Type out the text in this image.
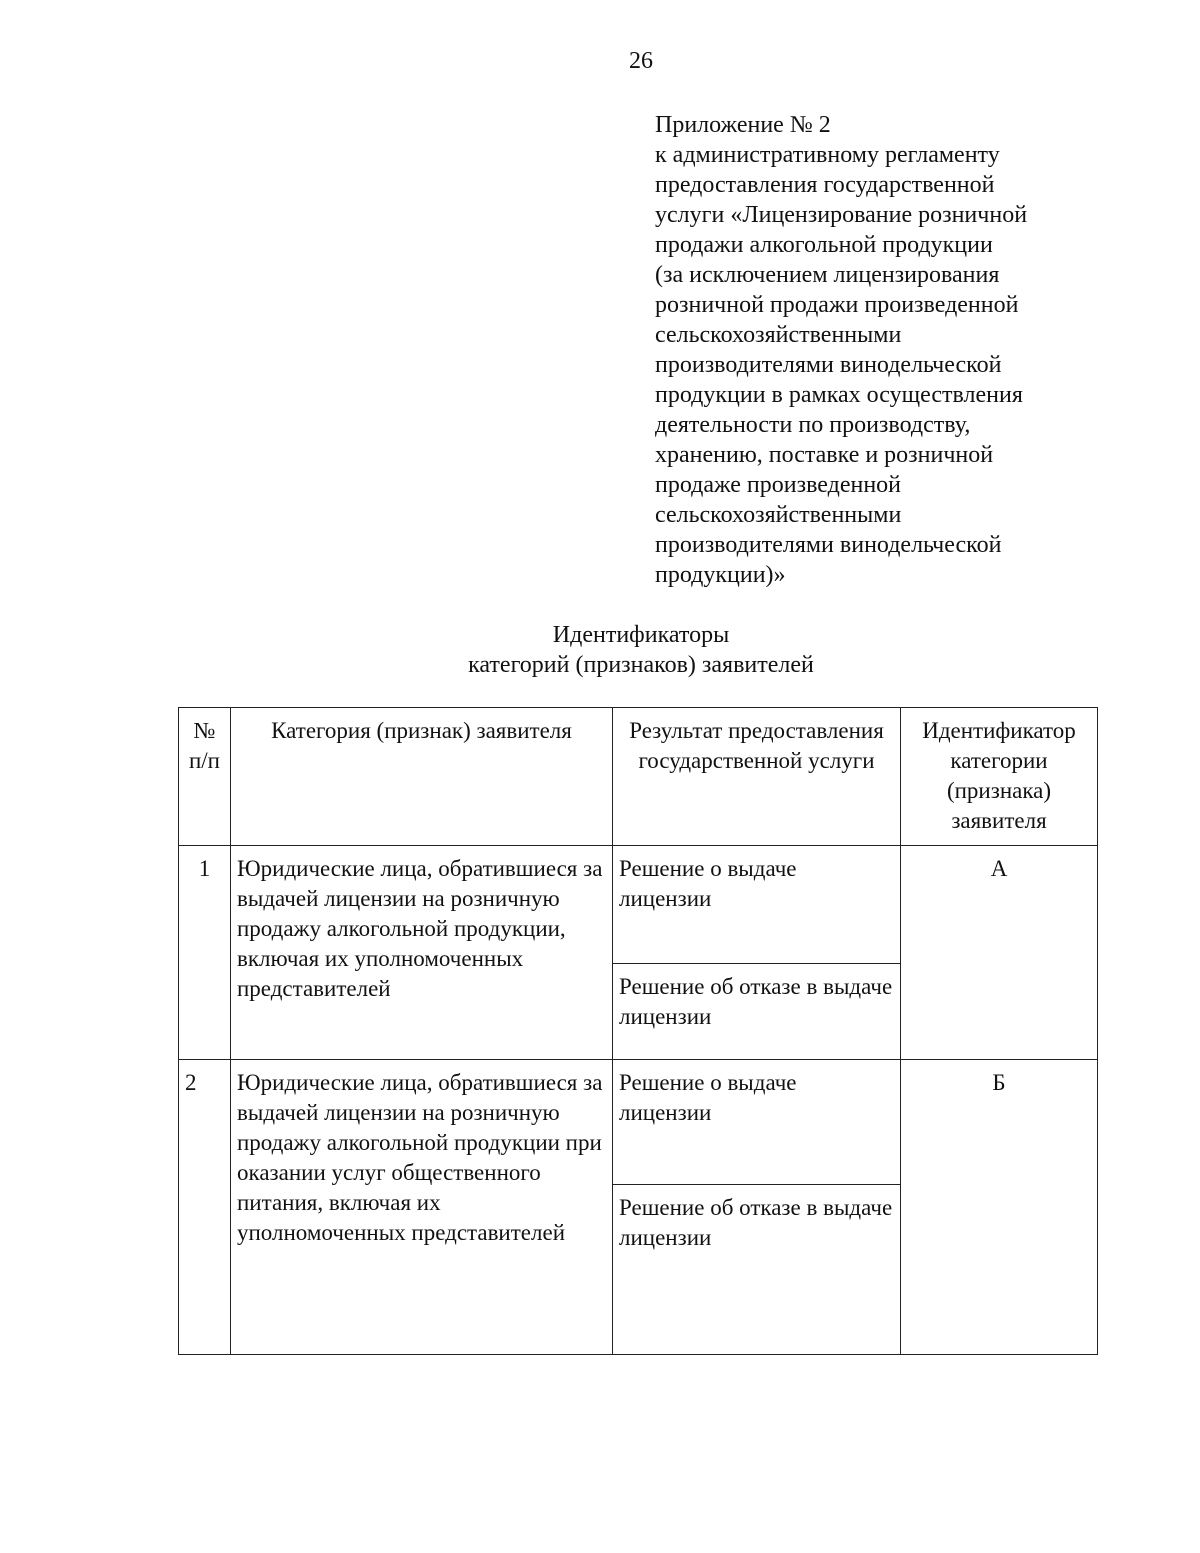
26
Приложение № 2
к административному регламенту
предоставления государственной
услуги «Лицензирование розничной
продажи алкогольной продукции
(за исключением лицензирования
розничной продажи произведенной
сельскохозяйственными
производителями винодельческой
продукции в рамках осуществления
деятельности по производству,
хранению, поставке и розничной
продаже произведенной
сельскохозяйственными
производителями винодельческой
продукции)»
Идентификаторы
категорий (признаков) заявителей
№ п/п	Категория (признак) заявителя	Результат предоставления государственной услуги	Идентификатор категории (признака) заявителя
1	Юридические лица, обратившиеся за выдачей лицензии на розничную продажу алкогольной продукции, включая их уполномоченных представителей	Решение о выдаче лицензии	А
		Решение об отказе в выдаче лицензии	
2	Юридические лица, обратившиеся за выдачей лицензии на розничную продажу алкогольной продукции при оказании услуг общественного питания, включая их уполномоченных представителей	Решение о выдаче лицензии	Б
		Решение об отказе в выдаче лицензии	
